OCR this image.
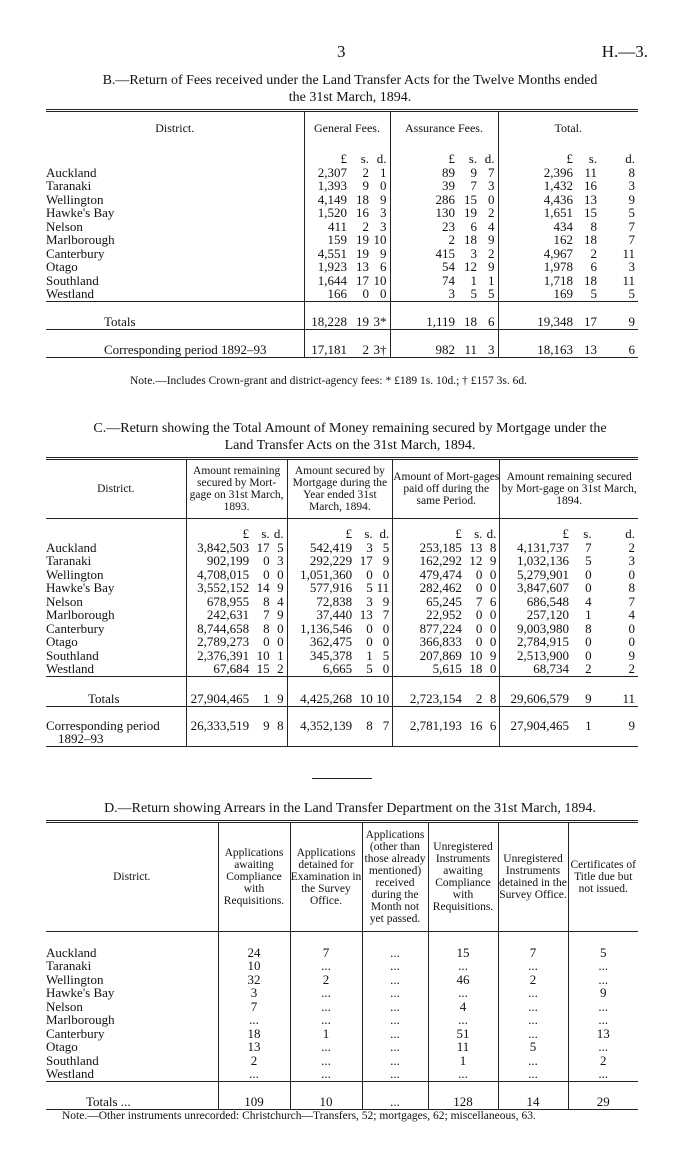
3	H.—3.
B.—Return of Fees received under the Land Transfer Acts for the Twelve Months ended
the 31st March, 1894.
District.	General Fees.			Assurance Fees.			Total.		
	£	s.	d.	£	s.	d.	£	s.	d.
Auckland	2,307	2	1	89	9	7	2,396	11	8
Taranaki	1,393	9	0	39	7	3	1,432	16	3
Wellington	4,149	18	9	286	15	0	4,436	13	9
Hawke's Bay	1,520	16	3	130	19	2	1,651	15	5
Nelson	411	2	3	23	6	4	434	8	7
Marlborough	159	19	10	2	18	9	162	18	7
Canterbury	4,551	19	9	415	3	2	4,967	2	11
Otago	1,923	13	6	54	12	9	1,978	6	3
Southland	1,644	17	10	74	1	1	1,718	18	11
Westland	166	0	0	3	5	5	169	5	5
Totals	18,228	19	3*	1,119	18	6	19,348	17	9
Corresponding period 1892–93	17,181	2	3†	982	11	3	18,163	13	6
Note.—Includes Crown-grant and district-agency fees: * £189 1s. 10d.; † £157 3s. 6d.
C.—Return showing the Total Amount of Money remaining secured by Mortgage under the
Land Transfer Acts on the 31st March, 1894.
District.	Amount remaining secured by Mort-gage on 31st March, 1893.			Amount secured by Mortgage during the Year ended 31st March, 1894.			Amount of Mort-gages paid off during the same Period.			Amount remaining secured by Mort-gage on 31st March, 1894.		
	£	s.	d.	£	s.	d.	£	s.	d.	£	s.	d.
Auckland	3,842,503	17	5	542,419	3	5	253,185	13	8	4,131,737	7	2
Taranaki	902,199	0	3	292,229	17	9	162,292	12	9	1,032,136	5	3
Wellington	4,708,015	0	0	1,051,360	0	0	479,474	0	0	5,279,901	0	0
Hawke's Bay	3,552,152	14	9	577,916	5	11	282,462	0	0	3,847,607	0	8
Nelson	678,955	8	4	72,838	3	9	65,245	7	6	686,548	4	7
Marlborough	242,631	7	9	37,440	13	7	22,952	0	0	257,120	1	4
Canterbury	8,744,658	8	0	1,136,546	0	0	877,224	0	0	9,003,980	8	0
Otago	2,789,273	0	0	362,475	0	0	366,833	0	0	2,784,915	0	0
Southland	2,376,391	10	1	345,378	1	5	207,869	10	9	2,513,900	0	9
Westland	67,684	15	2	6,665	5	0	5,615	18	0	68,734	2	2
Totals	27,904,465	1	9	4,425,268	10	10	2,723,154	2	8	29,606,579	9	11

Corresponding period
1892–93	26,333,519	9	8	4,352,139	8	7	2,781,193	16	6	27,904,465	1	9
D.—Return showing Arrears in the Land Transfer Department on the 31st March, 1894.
District.	Applications awaiting Compliance with Requisitions.	Applications detained for Examination in the Survey Office.	Applications (other than those already mentioned) received during the Month not yet passed.	Unregistered Instruments awaiting Compliance with Requisitions.	Unregistered Instruments detained in the Survey Office.	Certificates of Title due but not issued.

Auckland	24	7	...	15	7	5
Taranaki	10	...	...	...	...	...
Wellington	32	2	...	46	2	...
Hawke's Bay	3	...	...	...	...	9
Nelson	7	...	...	4	...	...
Marlborough	...	...	...	...	...	...
Canterbury	18	1	...	51	...	13
Otago	13	...	...	11	5	...
Southland	2	...	...	1	...	2
Westland	...	...	...	...	...	...
Totals ...	109	10	...	128	14	29
Note.—Other instruments unrecorded: Christchurch—Transfers, 52; mortgages, 62; miscellaneous, 63.
